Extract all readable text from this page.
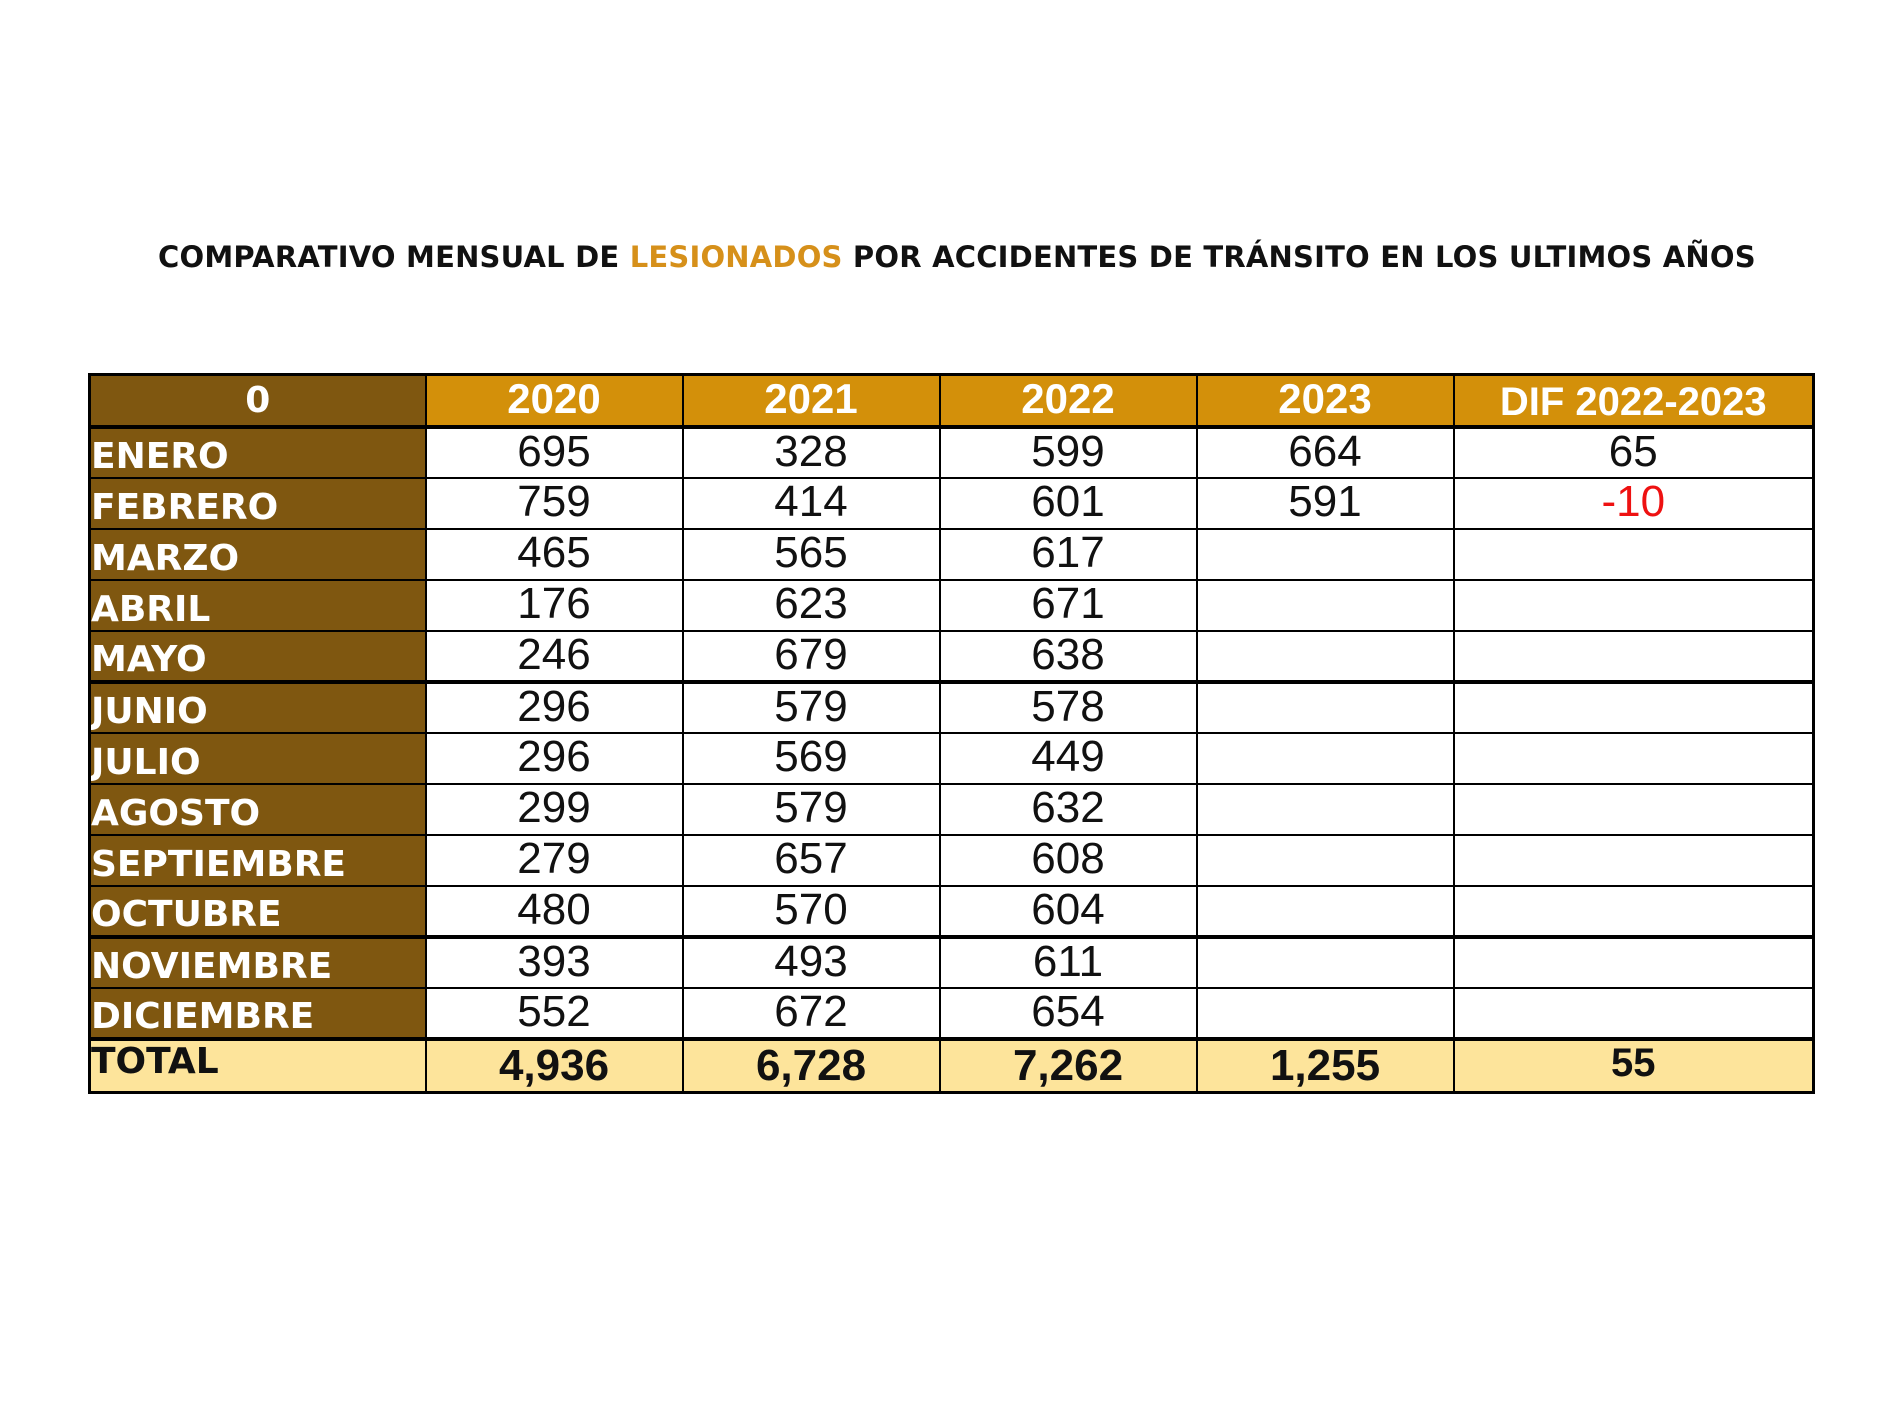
COMPARATIVO MENSUAL DE LESIONADOS POR ACCIDENTES DE TRÁNSITO EN LOS ULTIMOS AÑOS
0	2020	2021	2022	2023	DIF 2022-2023
ENERO	695	328	599	664	65
FEBRERO	759	414	601	591	-10
MARZO	465	565	617		
ABRIL	176	623	671		
MAYO	246	679	638		
JUNIO	296	579	578		
JULIO	296	569	449		
AGOSTO	299	579	632		
SEPTIEMBRE	279	657	608		
OCTUBRE	480	570	604		
NOVIEMBRE	393	493	611		
DICIEMBRE	552	672	654		
TOTAL	4,936	6,728	7,262	1,255	55
